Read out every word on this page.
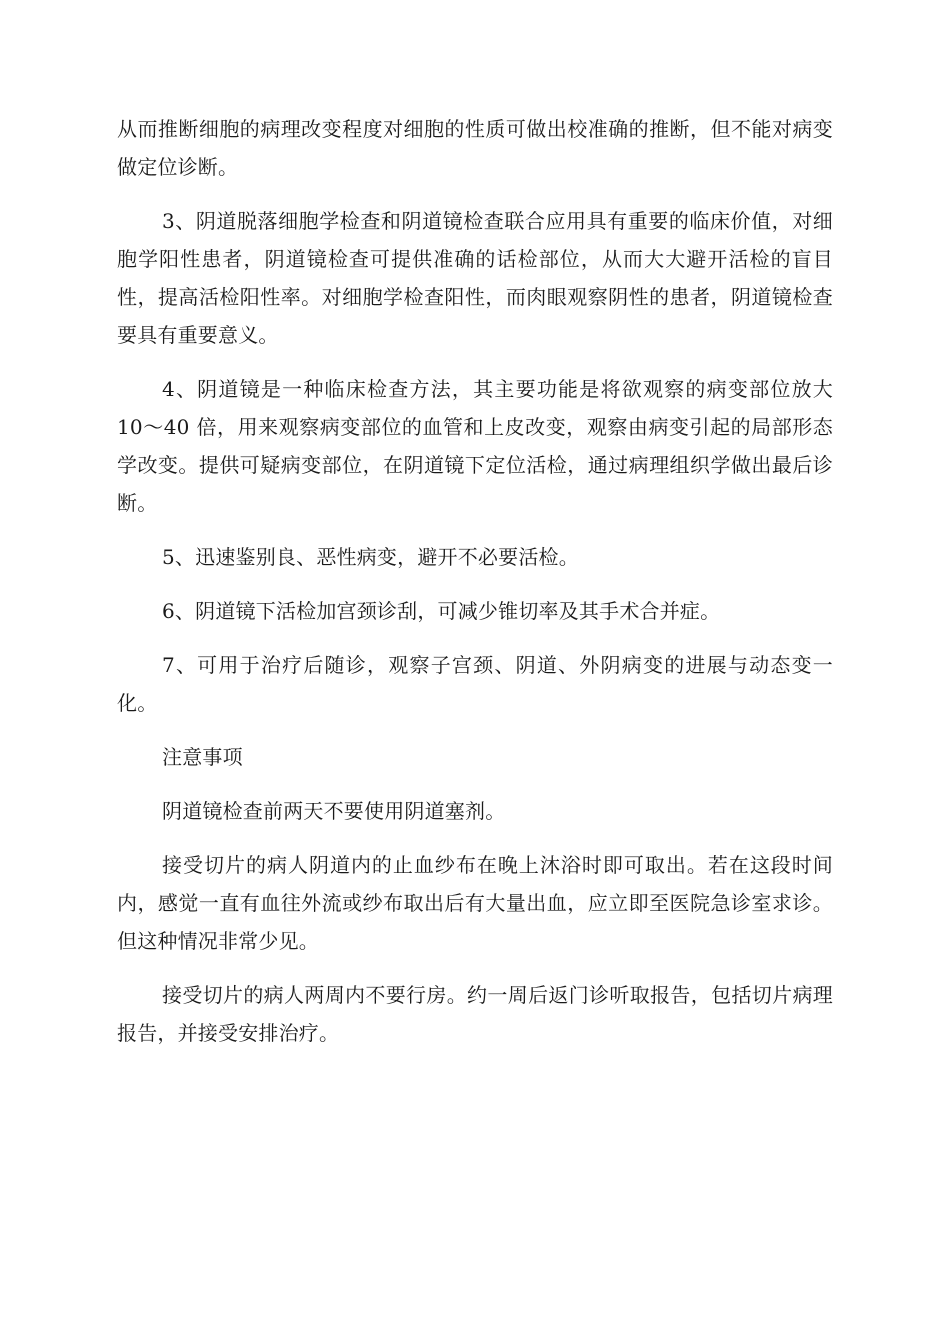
从而推断细胞的病理改变程度对细胞的性质可做出校准确的推断，但不能对病变做定位诊断。

3、阴道脱落细胞学检查和阴道镜检查联合应用具有重要的临床价值，对细胞学阳性患者，阴道镜检查可提供准确的话检部位，从而大大避开活检的盲目性，提高活检阳性率。对细胞学检查阳性，而肉眼观察阴性的患者，阴道镜检查要具有重要意义。

4、阴道镜是一种临床检查方法，其主要功能是将欲观察的病变部位放大 10～40 倍，用来观察病变部位的血管和上皮改变，观察由病变引起的局部形态学改变。提供可疑病变部位，在阴道镜下定位活检，通过病理组织学做出最后诊断。

5、迅速鉴别良、恶性病变，避开不必要活检。

6、阴道镜下活检加宫颈诊刮，可减少锥切率及其手术合并症。

7、可用于治疗后随诊，观察子宫颈、阴道、外阴病变的进展与动态变一化。

注意事项

阴道镜检查前两天不要使用阴道塞剂。

接受切片的病人阴道内的止血纱布在晚上沐浴时即可取出。若在这段时间内，感觉一直有血往外流或纱布取出后有大量出血，应立即至医院急诊室求诊。但这种情况非常少见。

接受切片的病人两周内不要行房。约一周后返门诊听取报告，包括切片病理报告，并接受安排治疗。
